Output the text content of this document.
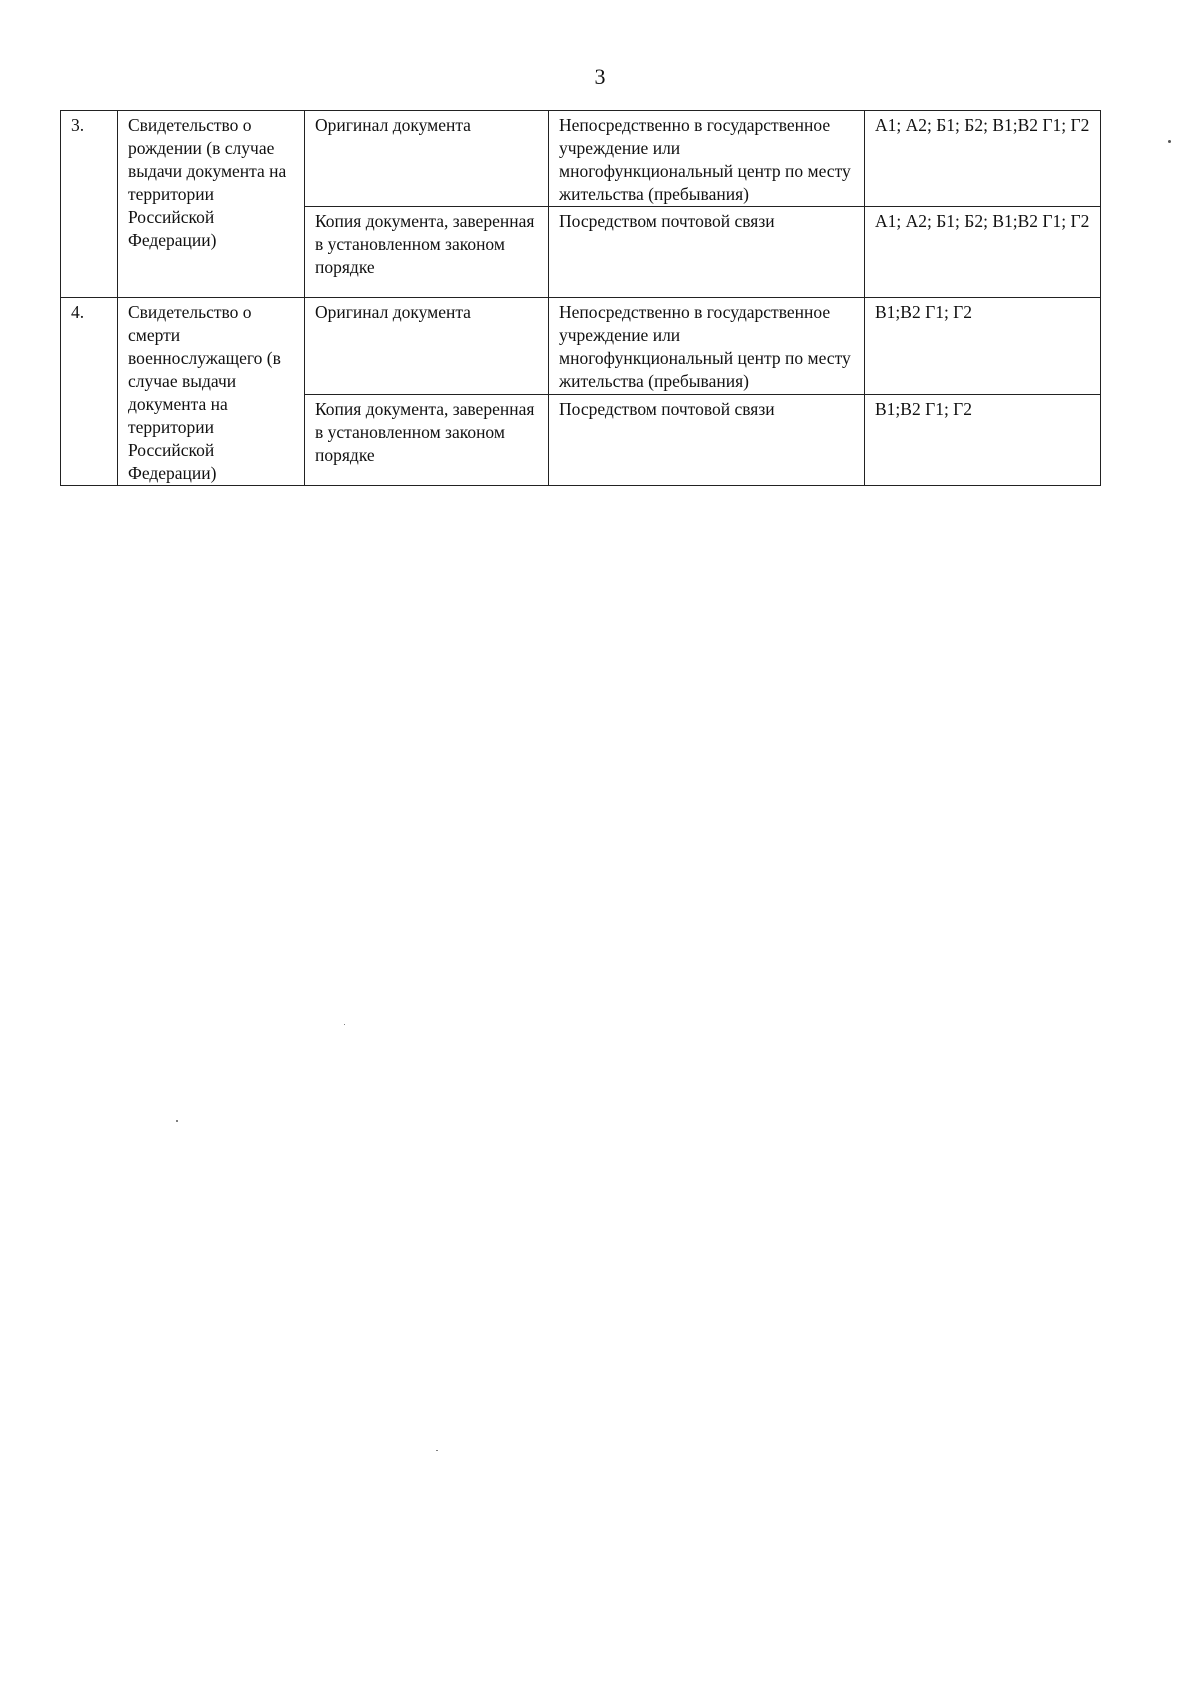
3
3.	Свидетельство о рождении (в случае выдачи документа на территории Российской Федерации)	Оригинал документа	Непосредственно в государственное учреждение или многофункциональный центр по месту жительства (пребывания)	А1; А2; Б1; Б2; В1;В2 Г1; Г2
		Копия документа, заверенная в установленном законом порядке	Посредством почтовой связи	А1; А2; Б1; Б2; В1;В2 Г1; Г2
4.	Свидетельство о смерти военнослужащего (в случае выдачи документа на территории Российской Федерации)	Оригинал документа	Непосредственно в государственное учреждение или многофункциональный центр по месту жительства (пребывания)	В1;В2 Г1; Г2
		Копия документа, заверенная в установленном законом порядке	Посредством почтовой связи	В1;В2 Г1; Г2
